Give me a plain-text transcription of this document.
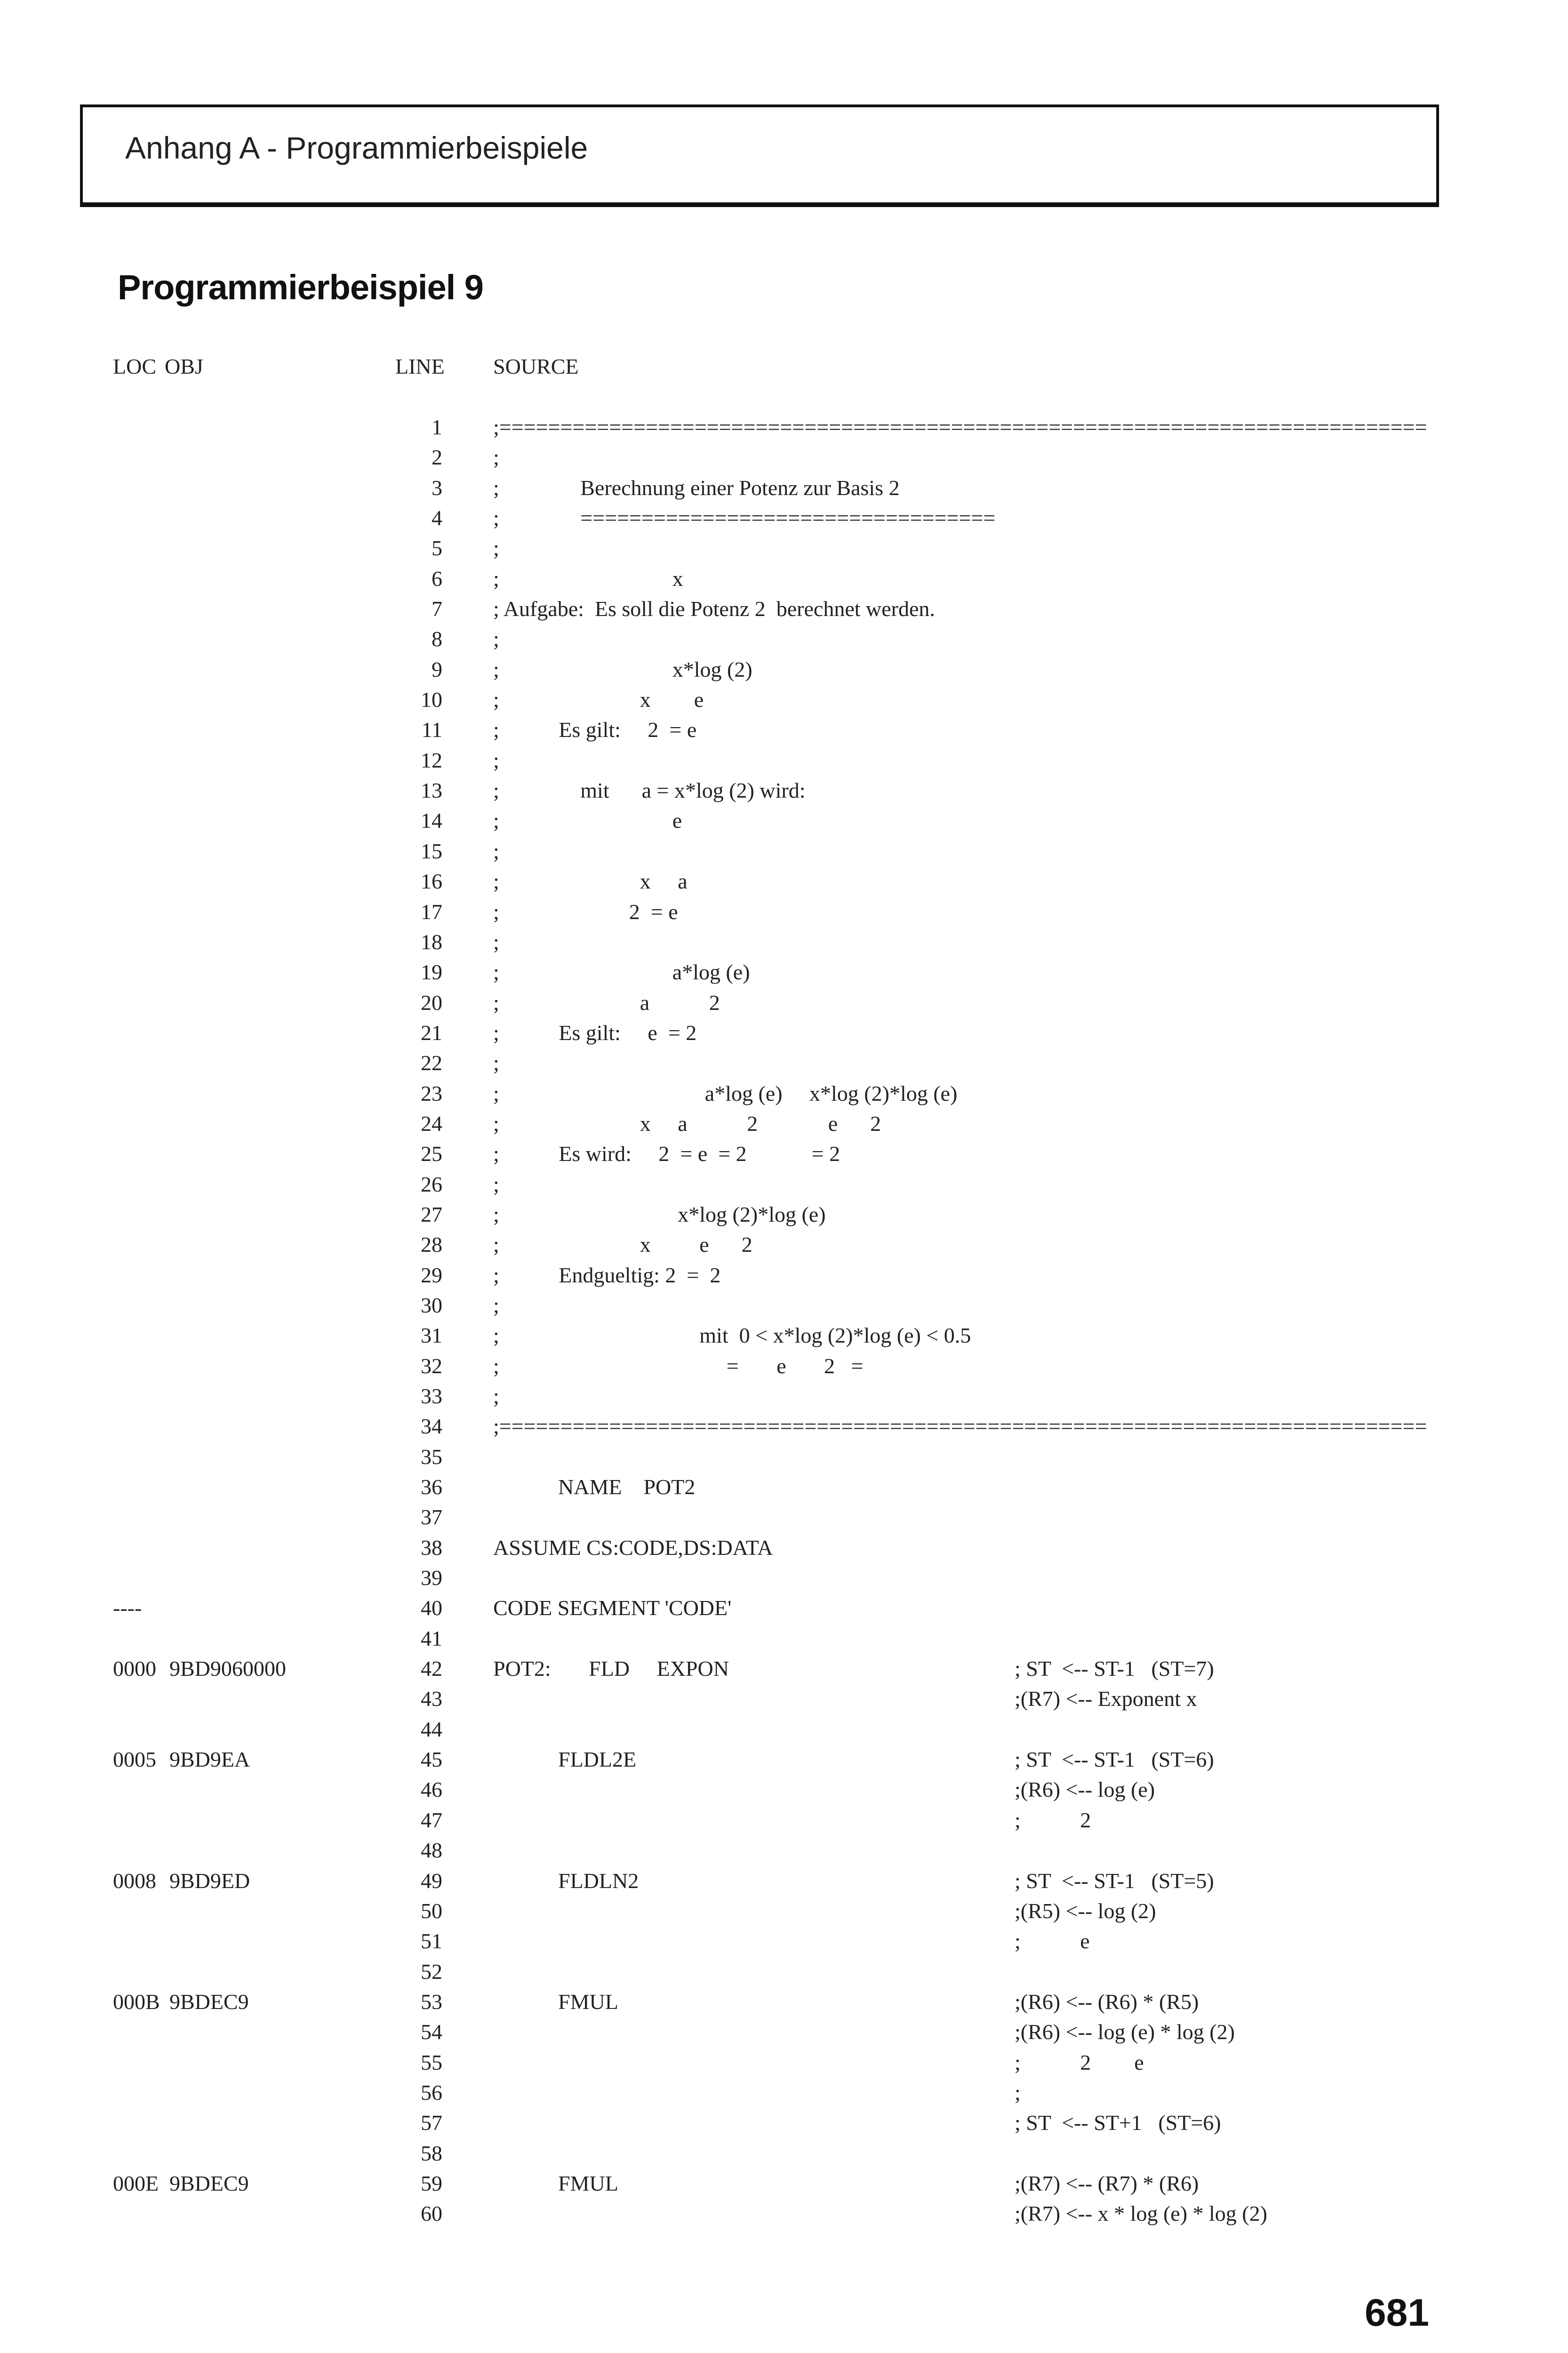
Anhang A - Programmierbeispiele
Programmierbeispiel 9
LOC OBJ	LINE SOURCE
1 ;============================================================================
2 ;
3 ;               Berechnung einer Potenz zur Basis 2
4 ;               ==================================
5 ;
6 ;                                x
7 ; Aufgabe:  Es soll die Potenz 2  berechnet werden.
8 ;
9 ;                                x*log (2)
10 ;                          x        e
11 ;           Es gilt:     2  = e
12 ;
13 ;               mit      a = x*log (2) wird:
14 ;                                e
15 ;
16 ;                          x     a
17 ;                        2  = e
18 ;
19 ;                                a*log (e)
20 ;                          a           2
21 ;           Es gilt:     e  = 2
22 ;
23 ;                                      a*log (e)     x*log (2)*log (e)
24 ;                          x     a           2             e      2
25 ;           Es wird:     2  = e  = 2            = 2
26 ;
27 ;                                 x*log (2)*log (e)
28 ;                          x         e      2
29 ;           Endgueltig: 2  =  2
30 ;
31 ;                                     mit  0 < x*log (2)*log (e) < 0.5
32 ;                                          =       e       2   =
33 ;
34 ;============================================================================
35
36 NAME    POT2
37
38 ASSUME CS:CODE,DS:DATA
39
----	40 CODE SEGMENT 'CODE'
41
0000 9BD9060000	42 POT2:       FLD     EXPON	; ST  <-- ST-1   (ST=7)
43	;(R7) <-- Exponent x
44
0005 9BD9EA	45 FLDL2E	; ST  <-- ST-1   (ST=6)
46	;(R6) <-- log (e)
47	;           2
48
0008 9BD9ED	49 FLDLN2	; ST  <-- ST-1   (ST=5)
50	;(R5) <-- log (2)
51	;           e
52
000B 9BDEC9	53 FMUL	;(R6) <-- (R6) * (R5)
54	;(R6) <-- log (e) * log (2)
55	;           2        e
56	;
57	; ST  <-- ST+1   (ST=6)
58
000E 9BDEC9	59 FMUL	;(R7) <-- (R7) * (R6)
60	;(R7) <-- x * log (e) * log (2)
681
